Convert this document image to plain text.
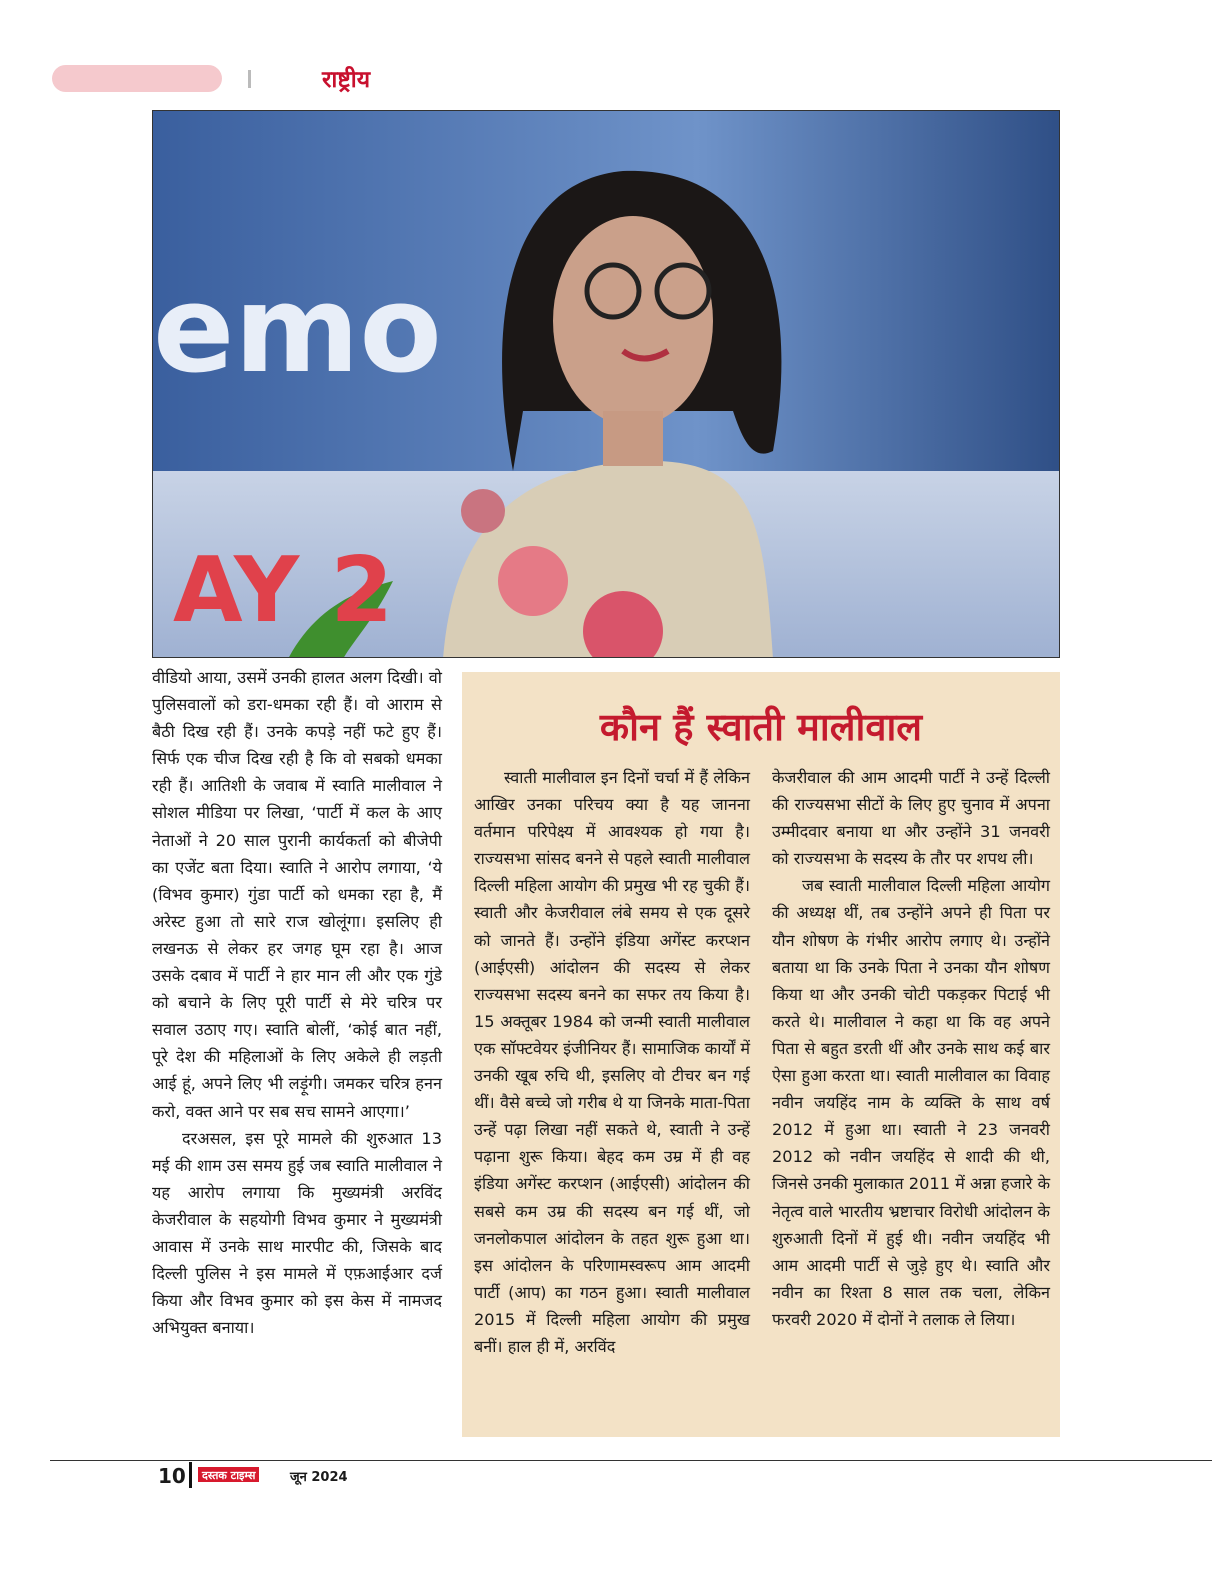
राष्ट्रीय
emo
AY 2

वीडियो आया, उसमें उनकी हालत अलग दिखी। वो पुलिसवालों को डरा-धमका रही हैं। वो आराम से बैठी दिख रही हैं। उनके कपड़े नहीं फटे हुए हैं। सिर्फ एक चीज दिख रही है कि वो सबको धमका रही हैं। आतिशी के जवाब में स्वाति मालीवाल ने सोशल मीडिया पर लिखा, ‘पार्टी में कल के आए नेताओं ने 20 साल पुरानी कार्यकर्ता को बीजेपी का एजेंट बता दिया। स्वाति ने आरोप लगाया, ‘ये (विभव कुमार) गुंडा पार्टी को धमका रहा है, मैं अरेस्ट हुआ तो सारे राज खोलूंगा। इसलिए ही लखनऊ से लेकर हर जगह घूम रहा है। आज उसके दबाव में पार्टी ने हार मान ली और एक गुंडे को बचाने के लिए पूरी पार्टी से मेरे चरित्र पर सवाल उठाए गए। स्वाति बोलीं, ‘कोई बात नहीं, पूरे देश की महिलाओं के लिए अकेले ही लड़ती आई हूं, अपने लिए भी लड़ूंगी। जमकर चरित्र हनन करो, वक्त आने पर सब सच सामने आएगा।’

दरअसल, इस पूरे मामले की शुरुआत 13 मई की शाम उस समय हुई जब स्वाति मालीवाल ने यह आरोप लगाया कि मुख्यमंत्री अरविंद केजरीवाल के सहयोगी विभव कुमार ने मुख्यमंत्री आवास में उनके साथ मारपीट की, जिसके बाद दिल्ली पुलिस ने इस मामले में एफ़आईआर दर्ज किया और विभव कुमार को इस केस में नामजद अभियुक्त बनाया।

कौन हैं स्वाती मालीवाल

स्वाती मालीवाल इन दिनों चर्चा में हैं लेकिन आखिर उनका परिचय क्या है यह जानना वर्तमान परिपेक्ष्य में आवश्यक हो गया है। राज्यसभा सांसद बनने से पहले स्वाती मालीवाल दिल्ली महिला आयोग की प्रमुख भी रह चुकी हैं। स्वाती और केजरीवाल लंबे समय से एक दूसरे को जानते हैं। उन्होंने इंडिया अगेंस्ट करप्शन (आईएसी) आंदोलन की सदस्य से लेकर राज्यसभा सदस्य बनने का सफर तय किया है। 15 अक्तूबर 1984 को जन्मी स्वाती मालीवाल एक सॉफ्टवेयर इंजीनियर हैं। सामाजिक कार्यों में उनकी खूब रुचि थी, इसलिए वो टीचर बन गई थीं। वैसे बच्चे जो गरीब थे या जिनके माता-पिता उन्हें पढ़ा लिखा नहीं सकते थे, स्वाती ने उन्हें पढ़ाना शुरू किया। बेहद कम उम्र में ही वह इंडिया अगेंस्ट करप्शन (आईएसी) आंदोलन की सबसे कम उम्र की सदस्य बन गई थीं, जो जनलोकपाल आंदोलन के तहत शुरू हुआ था। इस आंदोलन के परिणामस्वरूप आम आदमी पार्टी (आप) का गठन हुआ। स्वाती मालीवाल 2015 में दिल्ली महिला आयोग की प्रमुख बनीं। हाल ही में, अरविंद

केजरीवाल की आम आदमी पार्टी ने उन्हें दिल्ली की राज्यसभा सीटों के लिए हुए चुनाव में अपना उम्मीदवार बनाया था और उन्होंने 31 जनवरी को राज्यसभा के सदस्य के तौर पर शपथ ली।

जब स्वाती मालीवाल दिल्ली महिला आयोग की अध्यक्ष थीं, तब उन्होंने अपने ही पिता पर यौन शोषण के गंभीर आरोप लगाए थे। उन्होंने बताया था कि उनके पिता ने उनका यौन शोषण किया था और उनकी चोटी पकड़कर पिटाई भी करते थे। मालीवाल ने कहा था कि वह अपने पिता से बहुत डरती थीं और उनके साथ कई बार ऐसा हुआ करता था। स्वाती मालीवाल का विवाह नवीन जयहिंद नाम के व्यक्ति के साथ वर्ष 2012 में हुआ था। स्वाती ने 23 जनवरी 2012 को नवीन जयहिंद से शादी की थी, जिनसे उनकी मुलाकात 2011 में अन्ना हजारे के नेतृत्व वाले भारतीय भ्रष्टाचार विरोधी आंदोलन के शुरुआती दिनों में हुई थी। नवीन जयहिंद भी आम आदमी पार्टी से जुड़े हुए थे। स्वाति और नवीन का रिश्ता 8 साल तक चला, लेकिन फरवरी 2020 में दोनों ने तलाक ले लिया।

10	दस्तक टाइम्स	जून 2024
